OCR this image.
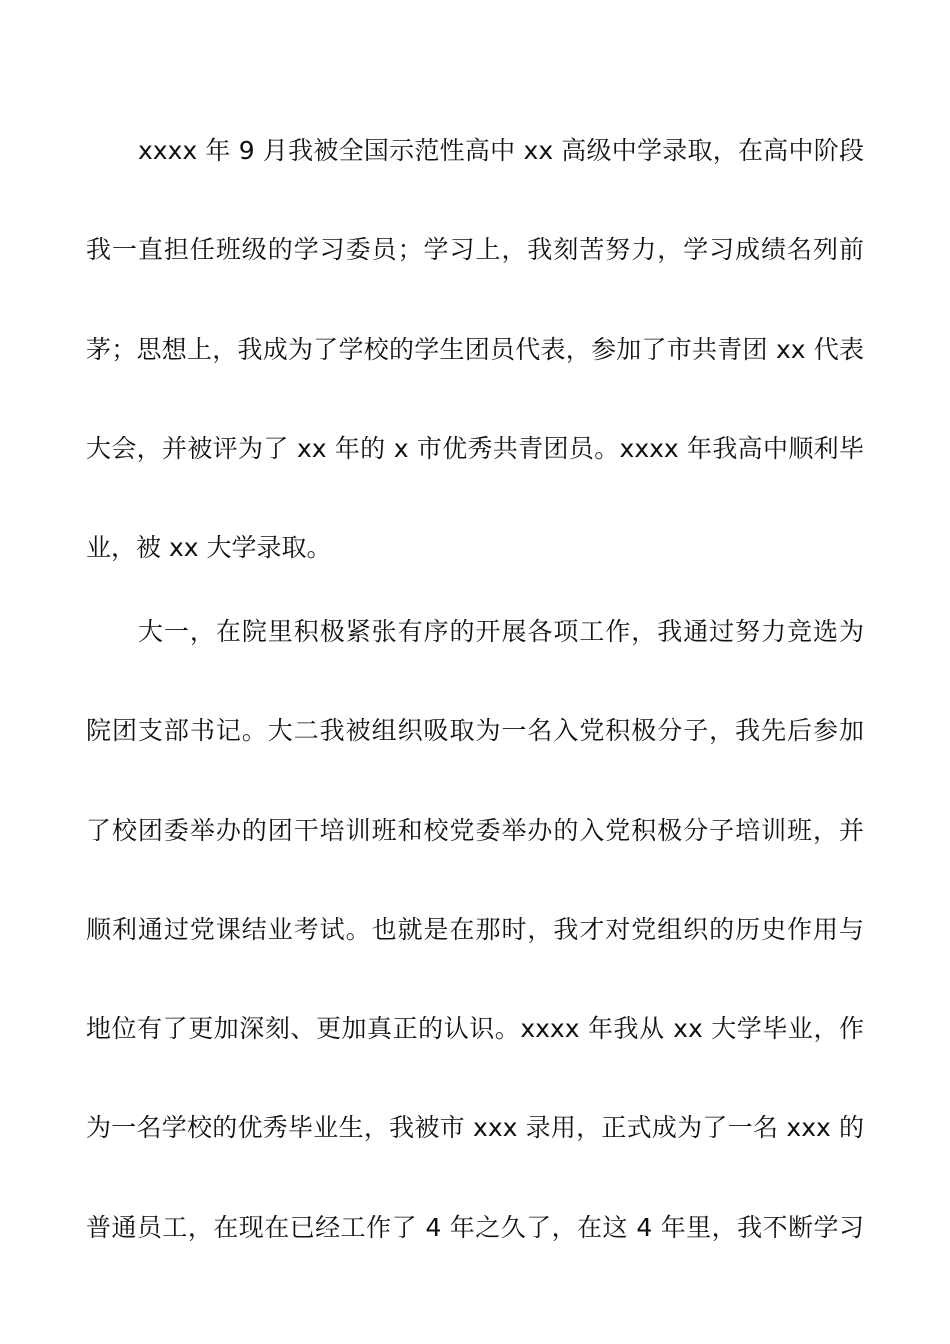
xxxx 年 9 月我被全国示范性高中 xx 高级中学录取，在高中阶段
我一直担任班级的学习委员；学习上，我刻苦努力，学习成绩名列前
茅；思想上，我成为了学校的学生团员代表，参加了市共青团 xx 代表
大会，并被评为了 xx 年的 x 市优秀共青团员。xxxx 年我高中顺利毕
业，被 xx 大学录取。
大一，在院里积极紧张有序的开展各项工作，我通过努力竞选为
院团支部书记。大二我被组织吸取为一名入党积极分子，我先后参加
了校团委举办的团干培训班和校党委举办的入党积极分子培训班，并
顺利通过党课结业考试。也就是在那时，我才对党组织的历史作用与
地位有了更加深刻、更加真正的认识。xxxx 年我从 xx 大学毕业，作
为一名学校的优秀毕业生，我被市 xxx 录用，正式成为了一名 xxx 的
普通员工，在现在已经工作了 4 年之久了，在这 4 年里，我不断学习
